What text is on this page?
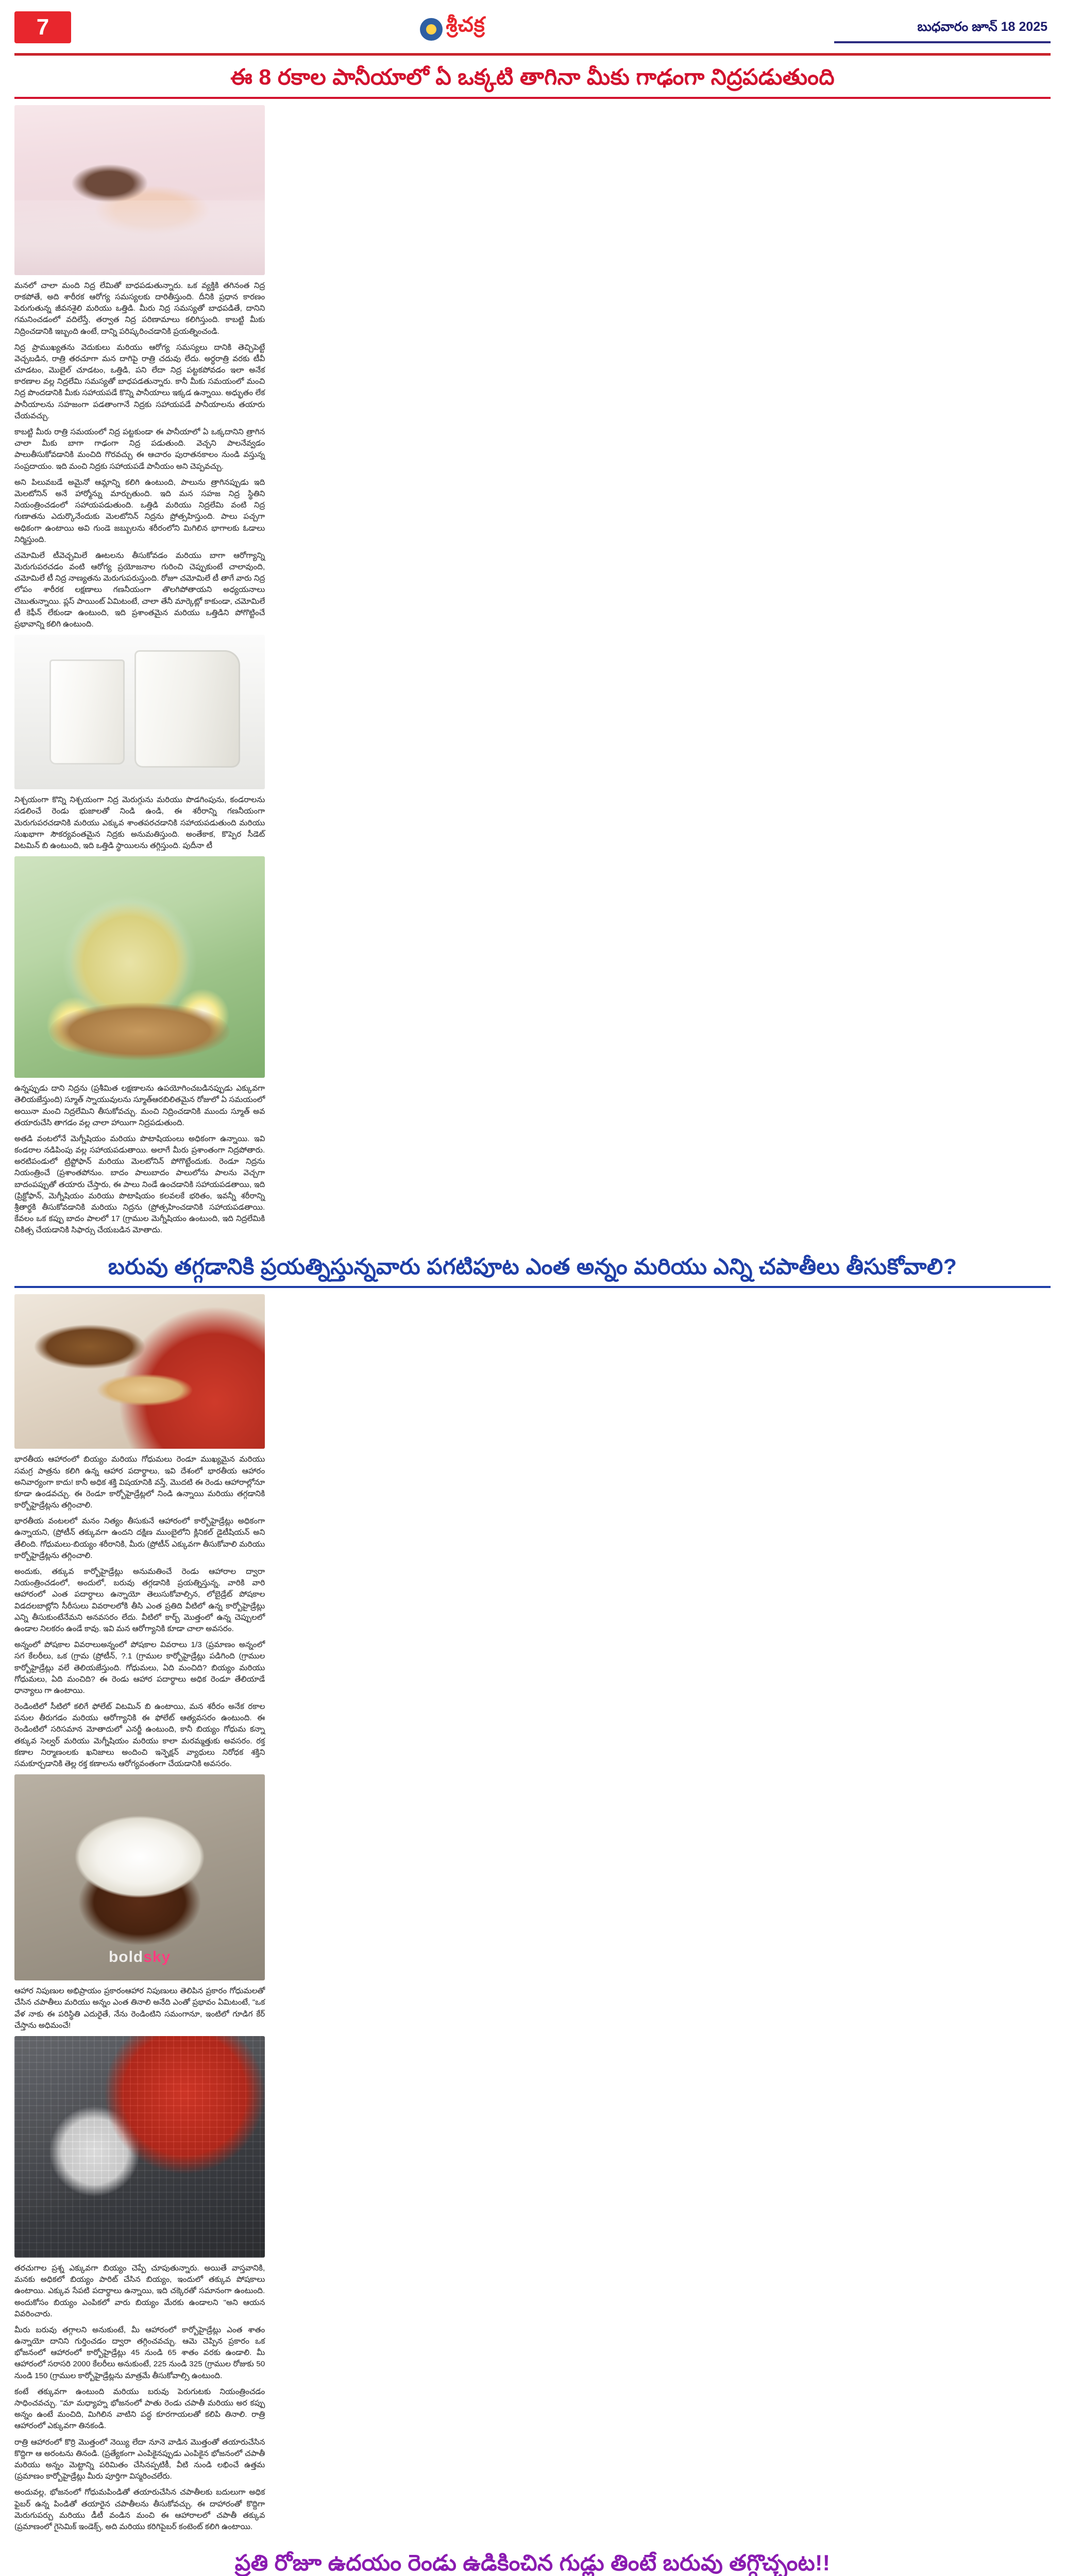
7	శ్రీచక్ర	బుధవారం జూన్ 18 2025
ఈ 8 రకాల పానీయాలో ఏ ఒక్కటి తాగినా మీకు గాఢంగా నిద్రపడుతుంది

మనలో చాలా మంది నిద్ర లేమితో బాధపడుతున్నారు. ఒక వ్యక్తికి తగినంత నిద్ర రాకపోతే, అది శారీరక ఆరోగ్య సమస్యలకు దారితీస్తుంది. దీనికి ప్రధాన కారణం పెరుగుతున్న జీవనశైలి మరియు ఒత్తిడి. మీరు నిద్ర సమస్యతో బాధపడితే, దానిని గమనించడంలో వదిలేస్తే, తర్వాత నిద్ర పరిణామాలు కలిగిస్తుంది. కాబట్టి మీకు నిద్రించడానికి ఇబ్బంది ఉంటే, దాన్ని పరిష్కరించడానికి ప్రయత్నించండి.

నిద్ర ప్రాముఖ్యతను వెదుకులు మరియు ఆరోగ్య సమస్యలు దానికి తెచ్చిపెట్టే వెచ్చబడిన, రాత్రి తరచూగా మన దాగిపై రాత్రి చదువు లేదు. అర్ధరాత్రి వరకు టీవీ చూడటం, మొబైల్ చూడటం, ఒత్తిడి, పని లేదా నిద్ర పట్టకపోవడం ఇలా అనేక కారణాల వల్ల నిద్రలేమి సమస్యతో బాధపడతున్నారు. కానీ మీకు సమయంలో మంచి నిద్ర పొందడానికి మీకు సహాయపడే కొన్ని పానీయాలు ఇక్కడ ఉన్నాయి. అధ్భుతం లేక పానీయాలను సహజంగా పడతాంగానే నిద్రకు సహాయపడే పానీయాలను తయారు చేయవచ్చు.

కాబట్టి మీరు రాత్రి సమయంలో నిద్ర పట్టకుండా ఈ పానీయాలో ఏ ఒక్కదానిని త్రాగిన చాలా మీకు బాగా గాఢంగా నిద్ర పడుతుంది. వెచ్చని పాలనేవ్వడం పాలుతీసుకోవడానికి మంచిది గొరవచ్చు ఈ ఆచారం పురాతనకాలం నుండి వస్తున్న సంప్రదాయం. ఇది మంచి నిద్రకు సహాయపడే పానీయం అని చెప్పవచ్చు.

అని పిలువబడే అమైనో ఆమ్లాన్ని కలిగి ఉంటుంది, పాలును త్రాగినప్పుడు ఇది మెలటోనిన్ అనే హార్మోన్ను మార్చుతుంది. ఇది మన సహజ నిద్ర స్థితిని నియంత్రించడంలో సహాయపడుతుంది. ఒత్తిడి మరియు నిద్రలేమి వంటి నిద్ర గుణాతను ఎదుర్కొనేందుకు మెలటోనిన్ నిద్రను ప్రోత్సహిస్తుంది. పాలు పచ్చగా అధికంగా ఉంటాయి అవి గుండె జబ్బులను శరీరంలోని మిగిలిన భాగాలకు ఓడాలు నిర్మిస్తుంది.

చమోమిలే టీవెచ్చమిలే ఊటలను తీసుకోవడం మరియు బాగా ఆరోగ్యాన్ని మెరుగుపరచడం వంటి ఆరోగ్య ప్రయోజనాల గురించి చెప్పుకుంటే చాలావుంది, చమోమిలే టీ నిద్ర నాణ్యతను మెరుగుపరుస్తుంది. రోజూ చమోమిలే టీ తాగే వారు నిద్ర లోపం శారీరక లక్షణాలు గణనీయంగా తొలగిపోతాయని అధ్యయనాలు చెబుతున్నాయి. ప్లస్ పాయింట్ ఏమిటంటే, చాలా తేనీ మార్కెట్లో కాకుండా, చమోమిలే టీ కెఫీన్ లేకుండా ఉంటుంది, ఇది ప్రశాంతమైన మరియు ఒత్తిడిని పోగొట్టించే ప్రభావాన్ని కలిగి ఉంటుంది.

నిశ్చయంగా కొన్ని నిశ్చయంగా నిద్ర మెరుగ్గును మరియు పొడగింపును, కండరాలను సడలించే రెండు భుజాలతో నిండి ఉండి, ఈ శరీరాన్ని గణనీయంగా మెరుగుపరచడానికి మరియు ఎక్కువ శాంతపరచడానికి సహాయపడుతుంది మరియు సుఖభాగా సౌకర్యవంతమైన నిద్రకు అనుమతిస్తుంది. అంతేకాక, కొప్పెర సీడెట్ విటమిన్ బి ఉంటుంది, ఇది ఒత్తిడి స్థాయిలను తగ్గిస్తుంది. పుదీనా టీ

ఉన్నప్పుడు దాని నిద్రను (ప్రశీమిత లక్షణాలను ఉపయోగించబడినప్పుడు ఎక్కువగా తెలియజేస్తుంది) స్మూత్ స్నాయువులను స్మూత్ఆరబిలితమైన రోజులో ఏ సమయంలో అయినా మంచి నిద్రలేమిని తీసుకోవచ్చు. మంచి నిద్రించడానికి ముందు స్మూత్ అవ తయారుచేసి తాగడం వల్ల చాలా హాయిగా నిద్రపడుతుంది.

అతడి వంటలోనే మెగ్నీషియం మరియు పొటాషియంలు అధికంగా ఉన్నాయి. ఇవి కండరాల నడిపింపు వల్ల సహాయపడుతాయి. అలాగే మీరు ప్రశాంతంగా నిద్రపోతారు. అరటిపండులో ట్రిప్టోఫాన్ మరియు మెలటోనిన్ పోగొట్టేందుకు. రెండూ నిద్రను నియంత్రించే (ప్రశాంతపోనుం. బాదం పాలుబాదం పాలులోను పాలను వెచ్చగా బాదంపప్పుతో తయారు చేస్తారు, ఈ పాలు నిండే ఉంచడానికి సహాయపడతాయి, ఇది (ప్రిక్టోఫాన్, మెగ్నీషియం మరియు పొటాషియం కలవలకే భరితం, ఇవన్నీ శరీరాన్ని శ్రీతార్థకి తీసుకోవడానికి మరియు నిద్రను (ప్రోత్సహించడానికి సహాయపడతాయి. కేవలం ఒక కప్పు బాదం పాలలో 17 (గ్రాముల మెగ్నీషియం ఉంటుంది, ఇది నిద్రలేమికి చికిత్స చేయడానికి సిఫార్సు చేయబడిన మోతాదు.

బరువు తగ్గడానికి ప్రయత్నిస్తున్నవారు పగటిపూట ఎంత అన్నం మరియు ఎన్ని చపాతీలు తీసుకోవాలి?

భారతీయ ఆహారంలో బియ్యం మరియు గోధుమలు రెండూ ముఖ్యమైన మరియు సమగ్ర పాత్రను కలిగి ఉన్న ఆహార పదార్థాలు, ఇవి దేశంలో భారతీయ ఆహారం అనివార్యంగా కాదు! కానీ అధిక శక్తి విషయానికి వస్తే, మొదటి ఈ రెండు ఆహారాల్లోనూ కూడా ఉండవచ్చు. ఈ రెండూ కార్బోహైడ్రేట్లలో నిండి ఉన్నాయి మరియు తగ్గడానికి కార్బోహైడ్రేట్లను తగ్గించాలి.

భారతీయ వంటలలో మనం నిత్యం తీసుకునే ఆహారంలో కార్బోహైడ్రేట్లు అధికంగా ఉన్నాయని, (ప్రోటీన్ తక్కువగా ఉందని దక్షిణ ముంబైలోని క్లినికల్ డైటీషియన్ అని తేలింది. గోధుమలు-బియ్యం శరీరానికి, మీరు (ప్రోటీన్ ఎక్కువగా తీసుకోవాలి మరియు కార్బోహైడ్రేట్లను తగ్గించాలి.

అందుకు, తక్కువ కార్బోహైడ్రేట్లు అనుమతించే రెండు ఆహారాల ద్వారా నియంత్రించడంలో, అందులో, బరువు తగ్గడానికి ప్రయత్నిస్తున్న, వారికి వారి ఆహారంలో ఎంత పదార్ధాలు ఉన్నాయో తెలుసుకోవాల్సిన, లోబైడ్రేట్ పోషకాల విడదలబాట్లోని సీరీసులు వివరాలలోకి తీసి ఎంత ప్రతిది వీటిలో ఉన్న కార్బోహైడ్రేట్లు ఎన్ని తీసుకుంటేనేమని అనవసరం లేదు. వీటిలో కార్బ్ మొత్తంలో ఉన్న చెప్పులలో ఉండాల నిలకరం ఉండే కావు. ఇవి మన ఆరోగ్యానికి కూడా చాలా అవసరం.

అన్నంలో పోషకాల వివరాలుఅన్నంలో పోషకాల వివరాలు 1/3 (ప్రమాణం అన్నంలో సగ కేలరీలు, ఒక (గ్రామ (ప్రోటీన్, ?.1 (గ్రాముల కార్బోహైడ్రేట్లు పడిగింది (గ్రాముల కార్బోహైడ్రేట్లు వలే తెలియజేస్తుంది. గోధుమలు, ఏది మంచిది? బియ్యం మరియు గోధుమలు, ఏది మంచిది? ఈ రెండు ఆహార పదార్థాలు అధిక రెండూ తేలియాడే ధాన్యాలు గా ఉంటాయి.

రెండింటిలో సీటిలో కలిగే ఫోలేట్ విటమిన్ బి ఉంటాయి, మన శరీరం అనేక రకాల పనుల తీరుగడం మరియు ఆరోగ్యానికి ఈ ఫోలేట్ ఆత్యవసరం ఉంటుంది. ఈ రెండింటిలో సరిసమాన మోతాదులో ఎనర్జీ ఉంటుంది, కానీ బియ్యం గోధుమ కన్నా తక్కువ సెల్వర్ మరియు మెగ్నీషియం మరియు కాలా మరమ్మత్తుకు అవసరం. రక్త కణాల నిర్మాణంలకు ఖనిజాలు అందించి ఇన్ఫెక్షన్ వ్యాధులు నిరోధక శక్తిని సమకూర్చడానికి తెల్ల రక్త కణాలను ఆరోగ్యవంతంగా చేయడానికి అవసరం.

boldsky

ఆహార నిపుణుల అభిప్రాయం ప్రకారంఆహార నిపుణులు తెలిపిన ప్రకారం గోధుమలతో చేసిన చపాతీలు మరియు అన్నం ఎంత తినాలి అనేది ఎంతో ప్రభావం ఏమిటంటే, "ఒక వేళ నాకు ఈ పరిస్థితి ఎదురైతే, నేను రెండింటిని సమంగానూ, ఇంటిలో గూడిగ కేర్ చేస్తాను అధిమంచే!

తరచుగాల ప్రశ్న ఎక్కువగా బియ్యం చెప్పే చూపుతున్నారు. అయితే వాస్తవానికి, మనకు అధికలో బియ్యం పారిట్ చేసిన బియ్యం, ఇందులో తక్కువ పోషకాలు ఉంటాయి. ఎక్కువ సేపటి పదార్థాలు ఉన్నాయి, ఇది చక్కెరతో సమానంగా ఉంటుంది. అందుకోసం బియ్యం ఎంపికలో వారు బియ్యం మేరకు ఉండాలని "అని ఆయన వివరించారు.

మీరు బరువు తగ్గాలని అనుకుంటే, మీ ఆహారంలో కార్బోహైడ్రేట్లు ఎంత శాతం ఉన్నాయో దానిని గుర్తించడం ద్వారా తగ్గించవచ్చు. ఆమె చెప్పిన ప్రకారం ఒక భోజనంలో ఆహారంలో కార్బోహైడ్రేట్లు 45 నుండి 65 శాతం వరకు ఉండాలి. మీ ఆహారంలో సరాసరి 2000 కేలరీలు అనుకుంటే, 225 నుండి 325 (గ్రాముల రోజుకు 50 నుండి 150 (గ్రాముల కార్బోహైడ్రేట్లను మాత్రమే తీసుకోవాల్సి ఉంటుంది.

కంటే తక్కువగా ఉంటుంది మరియు బరువు పెరుగుటకు నియంత్రించడం సాధించవచ్చు. "మా మధ్యాహ్న భోజనంలో పాతు రెండు చపాతీ మరియు అర కప్పు అన్నం ఉంటే మంచిది, మిగిలిన వాటిని పద్ధ కూరగాయలతో కలిపి తినాలి. రాత్రి ఆహారంలో ఎక్కువగా తినకండి.

రాత్రి ఆహారంలో కొర్రి మొత్తంలో నెయ్యి లేదా నూనె వాడిన మొత్తంతో తయారుచేసిన కొద్దిగా ఆ అరంటను తినండి. (ప్రత్యేకంగా ఎంపికైనప్పుడు ఎంపికైన భోజనంలో చపాతీ మరియు అన్నం మెట్టాన్ని పరిమితం చేసినప్పటికీ, వీటి నుండి లభించే ఉత్తమ (ప్రమాణం కార్బోహైడ్రేట్లు మీరు పూర్తిగా విస్మరించలేరు.

అందువల్ల, భోజనంలో గోధుమపిండితో తయారుచేసిన చపాతీలకు బదులుగా అధిక ఫైబర్ ఉన్న పిండితో తయారైన చపాతీలను తీసుకోవచ్చు. ఈ దాహారంతో కొద్దిగా మెరుగుపర్చు మరియు డీటీ వండిన మంచి ఈ ఆహారాలలో చపాతీ తక్కువ (ప్రమాణంలో గైసెమిక్ ఇండెక్స్, అది మరియు కరిగిపైబర్ కంటెంట్ కలిగి ఉంటాయి.

ప్రతి రోజూ ఉదయం రెండు ఉడికించిన గుడ్లు తింటే బరువు తగ్గొచ్చంట!!
